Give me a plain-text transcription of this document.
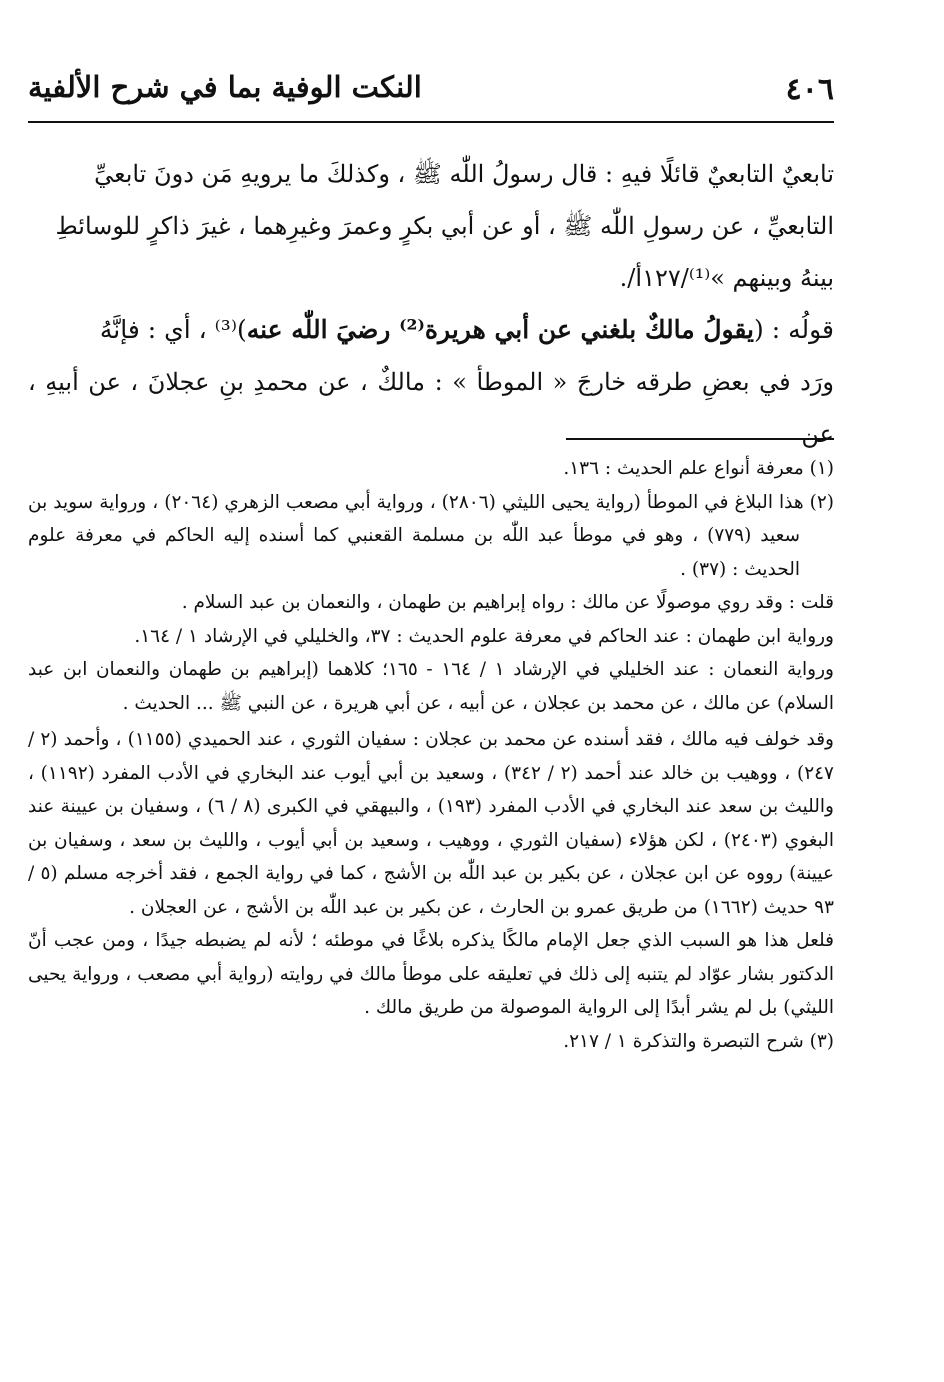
٤٠٦
النكت الوفية بما في شرح الألفية

تابعيٌ التابعيٌ قائلًا فيهِ : قال رسولُ اللّٰه ﷺ ، وكذلكَ ما يرويهِ مَن دونَ تابعيِّ

التابعيِّ ، عن رسولِ اللّٰه ﷺ ، أو عن أبي بكرٍ وعمرَ وغيرِهما ، غيرَ ذاكرٍ للوسائطِ

بينهُ وبينهم »⁽¹⁾/١٢٧أ/.

قولُه : (يقولُ مالكٌ بلغني عن أبي هريرة⁽²⁾ رضيَ اللّٰه عنه)⁽³⁾ ، أي : فإنَّهُ

ورَد في بعضِ طرقه خارجَ « الموطأ » : مالكٌ ، عن محمدِ بنِ عجلانَ ، عن أبيهِ ، عن

(١) معرفة أنواع علم الحديث : ١٣٦.

(٢) هذا البلاغ في الموطأ (رواية يحيى الليثي (٢٨٠٦) ، ورواية أبي مصعب الزهري (٢٠٦٤) ، ورواية سويد بن سعيد (٧٧٩) ، وهو في موطأ عبد اللّٰه بن مسلمة القعنبي كما أسنده إليه الحاكم في معرفة علوم الحديث : (٣٧) .

قلت : وقد روي موصولًا عن مالك : رواه إبراهيم بن طهمان ، والنعمان بن عبد السلام .

ورواية ابن طهمان : عند الحاكم في معرفة علوم الحديث : ٣٧، والخليلي في الإرشاد ١ / ١٦٤.

ورواية النعمان : عند الخليلي في الإرشاد ١ / ١٦٤ - ١٦٥؛ كلاهما (إبراهيم بن طهمان والنعمان ابن عبد السلام) عن مالك ، عن محمد بن عجلان ، عن أبيه ، عن أبي هريرة ، عن النبي ﷺ ... الحديث .

وقد خولف فيه مالك ، فقد أسنده عن محمد بن عجلان : سفيان الثوري ، عند الحميدي (١١٥٥) ، وأحمد (٢ / ٢٤٧) ، ووهيب بن خالد عند أحمد (٢ / ٣٤٢) ، وسعيد بن أبي أيوب عند البخاري في الأدب المفرد (١١٩٢) ، والليث بن سعد عند البخاري في الأدب المفرد (١٩٣) ، والبيهقي في الكبرى (٨ / ٦) ، وسفيان بن عيينة عند البغوي (٢٤٠٣) ، لكن هؤلاء (سفيان الثوري ، ووهيب ، وسعيد بن أبي أيوب ، والليث بن سعد ، وسفيان بن عيينة) رووه عن ابن عجلان ، عن بكير بن عبد اللّٰه بن الأشج ، كما في رواية الجمع ، فقد أخرجه مسلم (٥ / ٩٣ حديث (١٦٦٢) من طريق عمرو بن الحارث ، عن بكير بن عبد اللّٰه بن الأشج ، عن العجلان .

فلعل هذا هو السبب الذي جعل الإمام مالكًا يذكره بلاغًا في موطئه ؛ لأنه لم يضبطه جيدًا ، ومن عجب أنّ الدكتور بشار عوّاد لم يتنبه إلى ذلك في تعليقه على موطأ مالك في روايته (رواية أبي مصعب ، ورواية يحيى الليثي) بل لم يشر أبدًا إلى الرواية الموصولة من طريق مالك .

(٣) شرح التبصرة والتذكرة ١ / ٢١٧.
